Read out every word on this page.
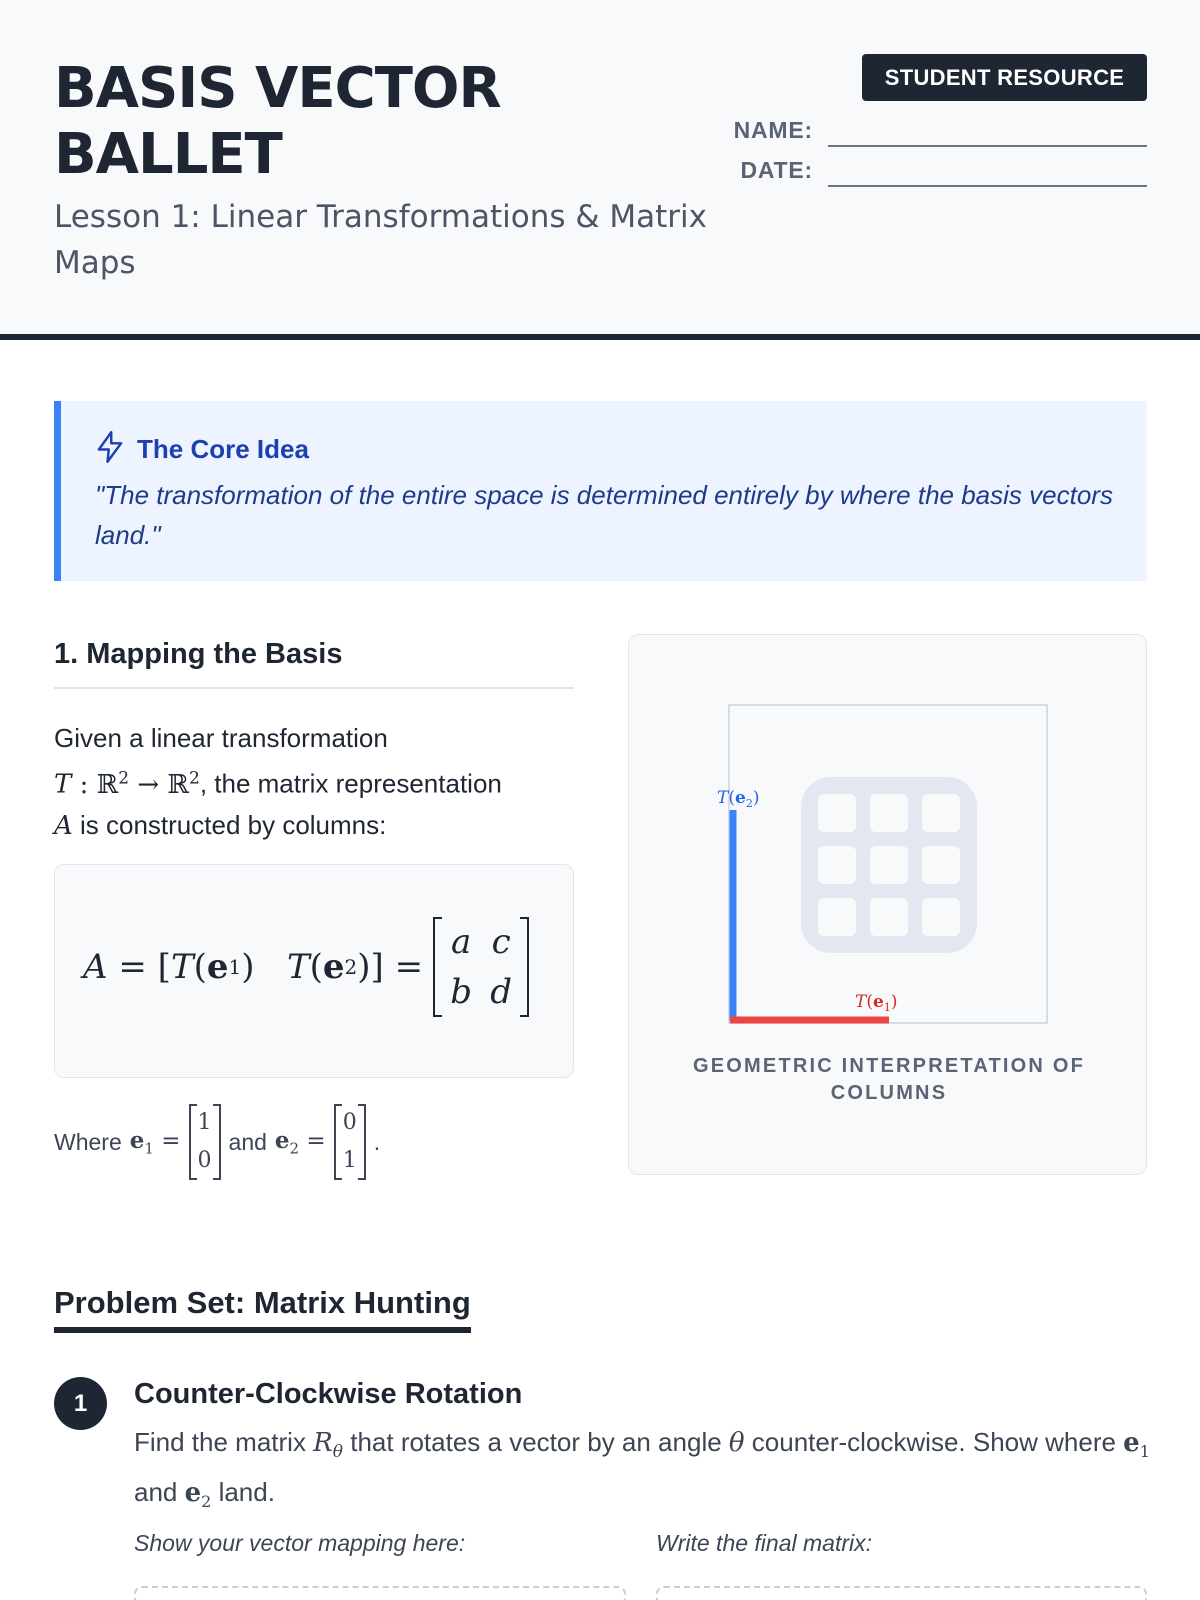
BASIS VECTOR
BALLET
Lesson 1: Linear Transformations & Matrix Maps
STUDENT RESOURCE
NAME:
DATE:
The Core Idea
"The transformation of the entire space is determined entirely by where the basis vectors land."
1. Mapping the Basis
Given a linear transformation
T : ℝ$^2$ → ℝ$^2$, the matrix representation
A is constructed by columns:
A = [ T ( e 1 ) T ( e 2 )] =
a c
b d
Where $e_1$ =
1
0
and $e_2$ =
0
1
.
$T(e_2)$
$T(e_1)$
GEOMETRIC INTERPRETATION OF COLUMNS
Problem Set: Matrix Hunting
1	Counter-Clockwise Rotation
Find the matrix $R_\theta$ that rotates a vector by an angle θ counter-clockwise. Show where $e_1$ and $e_2$ land.
Show your vector mapping here:	Write the final matrix:
